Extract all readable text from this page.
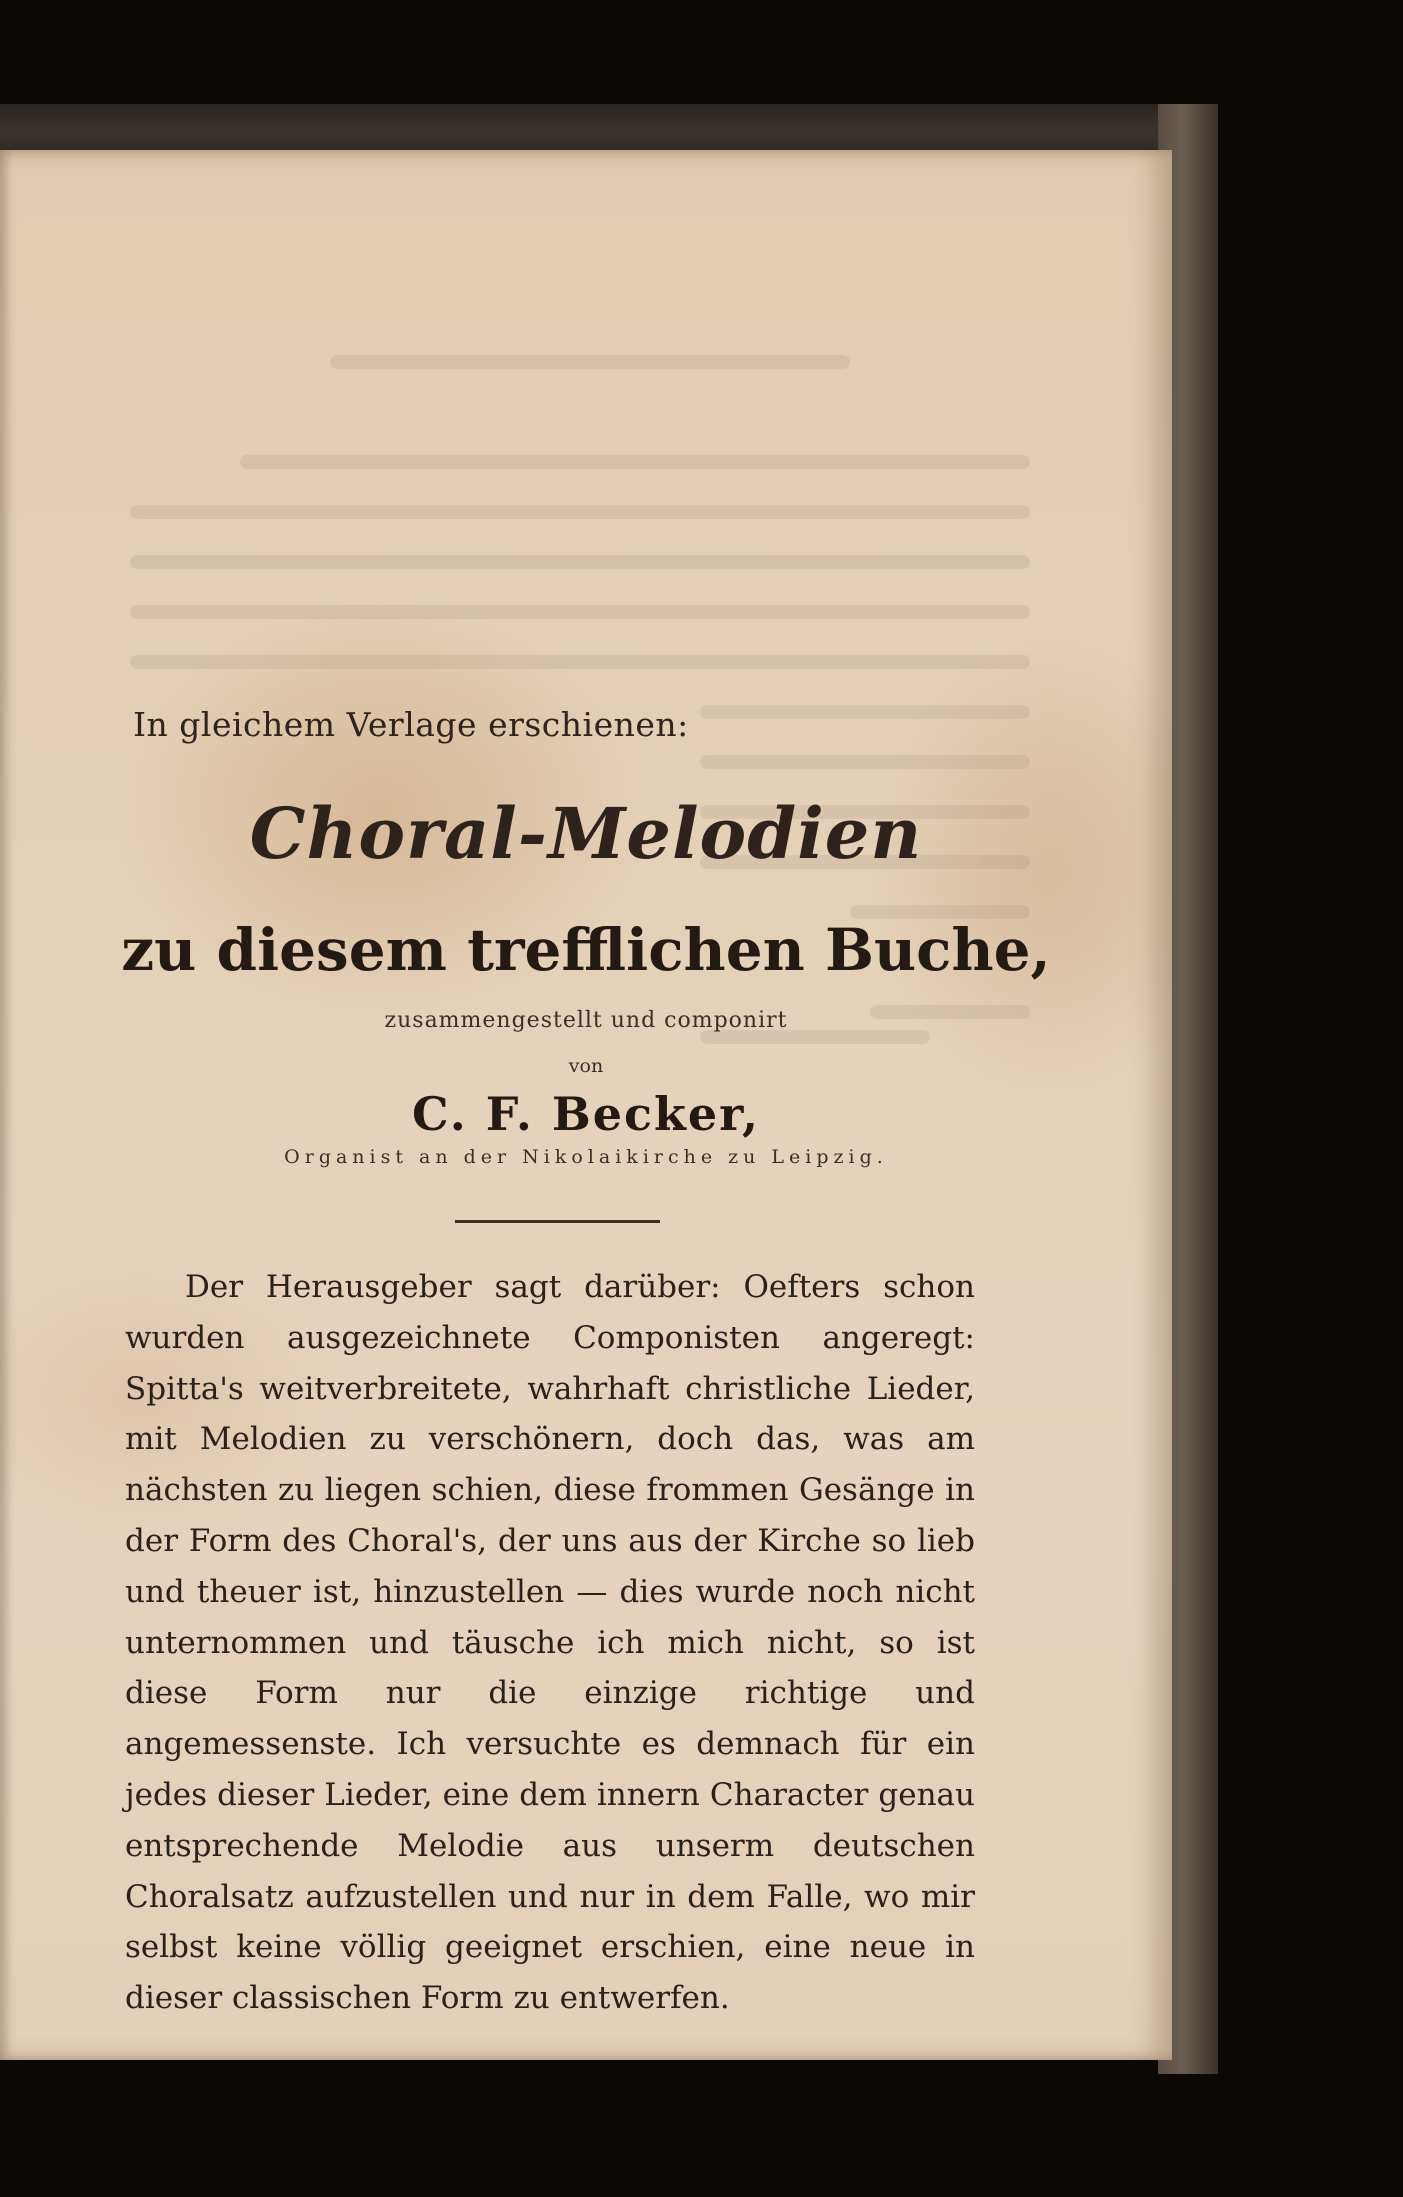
In gleichem Verlage erschienen:
Choral-Melodien
zu diesem trefflichen Buche,
zusammengestellt und componirt
von
C. F. Becker,
Organist an der Nikolaikirche zu Leipzig.
Der Herausgeber sagt darüber: Oefters schon wurden ausgezeichnete Componisten angeregt: Spitta's weitverbreitete, wahrhaft christliche Lieder, mit Melodien zu verschönern, doch das, was am nächsten zu liegen schien, diese frommen Gesänge in der Form des Choral's, der uns aus der Kirche so lieb und theuer ist, hinzustellen — dies wurde noch nicht unternommen und täusche ich mich nicht, so ist diese Form nur die einzige richtige und angemessenste. Ich versuchte es demnach für ein jedes dieser Lieder, eine dem innern Character genau entsprechende Melodie aus unserm deutschen Choralsatz aufzustellen und nur in dem Falle, wo mir selbst keine völlig geeignet erschien, eine neue in dieser classischen Form zu entwerfen.
